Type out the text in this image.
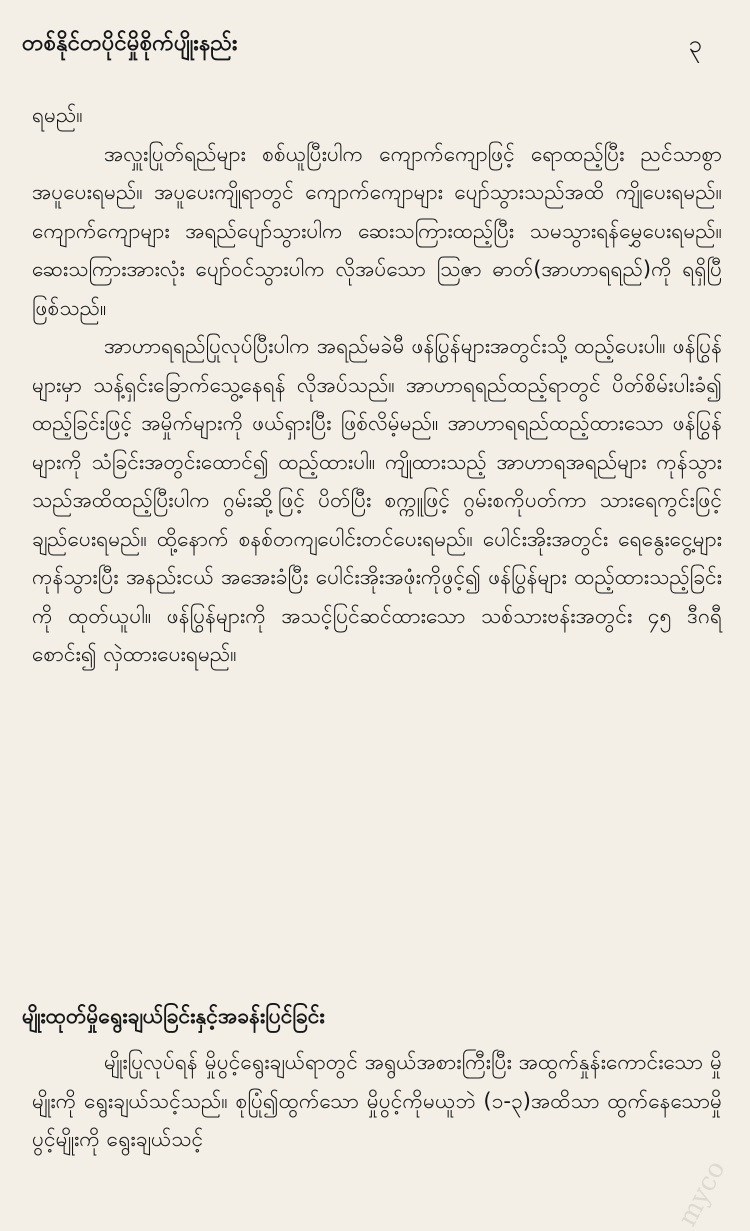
တစ်နိုင်တပိုင်မှိုစိုက်ပျိုးနည်း	၃

ရမည်။

အလှူးပြုတ်ရည်များ စစ်ယူပြီးပါက ကျောက်ကျောဖြင့် ရောထည့်ပြီး ညင်သာစွာ အပူပေးရမည်။ အပူပေးကျိုရာတွင် ကျောက်ကျောများ ပျော်သွားသည်အထိ ကျိုပေးရမည်။ ကျောက်ကျောများ အရည်ပျော်သွားပါက ဆေးသကြားထည့်ပြီး သမသွားရန်မွှေပေးရမည်။ ဆေးသကြားအားလုံး ပျော်ဝင်သွားပါက လိုအပ်သော ဩဇာ ဓာတ်(အာဟာရရည်)ကို ရရှိပြီဖြစ်သည်။

အာဟာရရည်ပြုလုပ်ပြီးပါက အရည်မခဲမီ ဖန်ပြွန်များအတွင်းသို့ ထည့်ပေးပါ။ ဖန်ပြွန်များမှာ သန့်ရှင်းခြောက်သွေ့နေရန် လိုအပ်သည်။ အာဟာရရည်ထည့်ရာတွင် ပိတ်စိမ်းပါးခံ၍ ထည့်ခြင်းဖြင့် အမှိုက်များကို ဖယ်ရှားပြီး ဖြစ်လိမ့်မည်။ အာဟာရရည်ထည့်ထားသော ဖန်ပြွန်များကို သံခြင်းအတွင်းထောင်၍ ထည့်ထားပါ။ ကျိုထားသည့် အာဟာရအရည်များ ကုန်သွားသည်အထိထည့်ပြီးပါက ဂွမ်းဆို့ဖြင့် ပိတ်ပြီး စက္ကူဖြင့် ဂွမ်းစကိုပတ်ကာ သားရေကွင်းဖြင့် ချည်ပေးရမည်။ ထို့နောက် စနစ်တကျပေါင်းတင်ပေးရမည်။ ပေါင်းအိုးအတွင်း ရေနွေးငွေ့များကုန်သွားပြီး အနည်းငယ် အအေးခံပြီး ပေါင်းအိုးအဖုံးကိုဖွင့်၍ ဖန်ပြွန်များ ထည့်ထားသည့်ခြင်းကို ထုတ်ယူပါ။ ဖန်ပြွန်များကို အသင့်ပြင်ဆင်ထားသော သစ်သားဗန်းအတွင်း ၄၅ ဒီဂရီစောင်း၍ လှဲထားပေးရမည်။

မျိုးထုတ်မှိုရွေးချယ်ခြင်းနှင့်အခန်းပြင်ခြင်း

မျိုးပြုလုပ်ရန် မှိုပွင့်ရွေးချယ်ရာတွင် အရွယ်အစားကြီးပြီး အထွက်နှုန်းကောင်းသော မှိုမျိုးကို ရွေးချယ်သင့်သည်။ စုပြုံ၍ထွက်သော မှိုပွင့်ကိုမယူဘဲ (၁-၃)အထိသာ ထွက်နေသောမှိုပွင့်မျိုးကို ရွေးချယ်သင့်

myco
